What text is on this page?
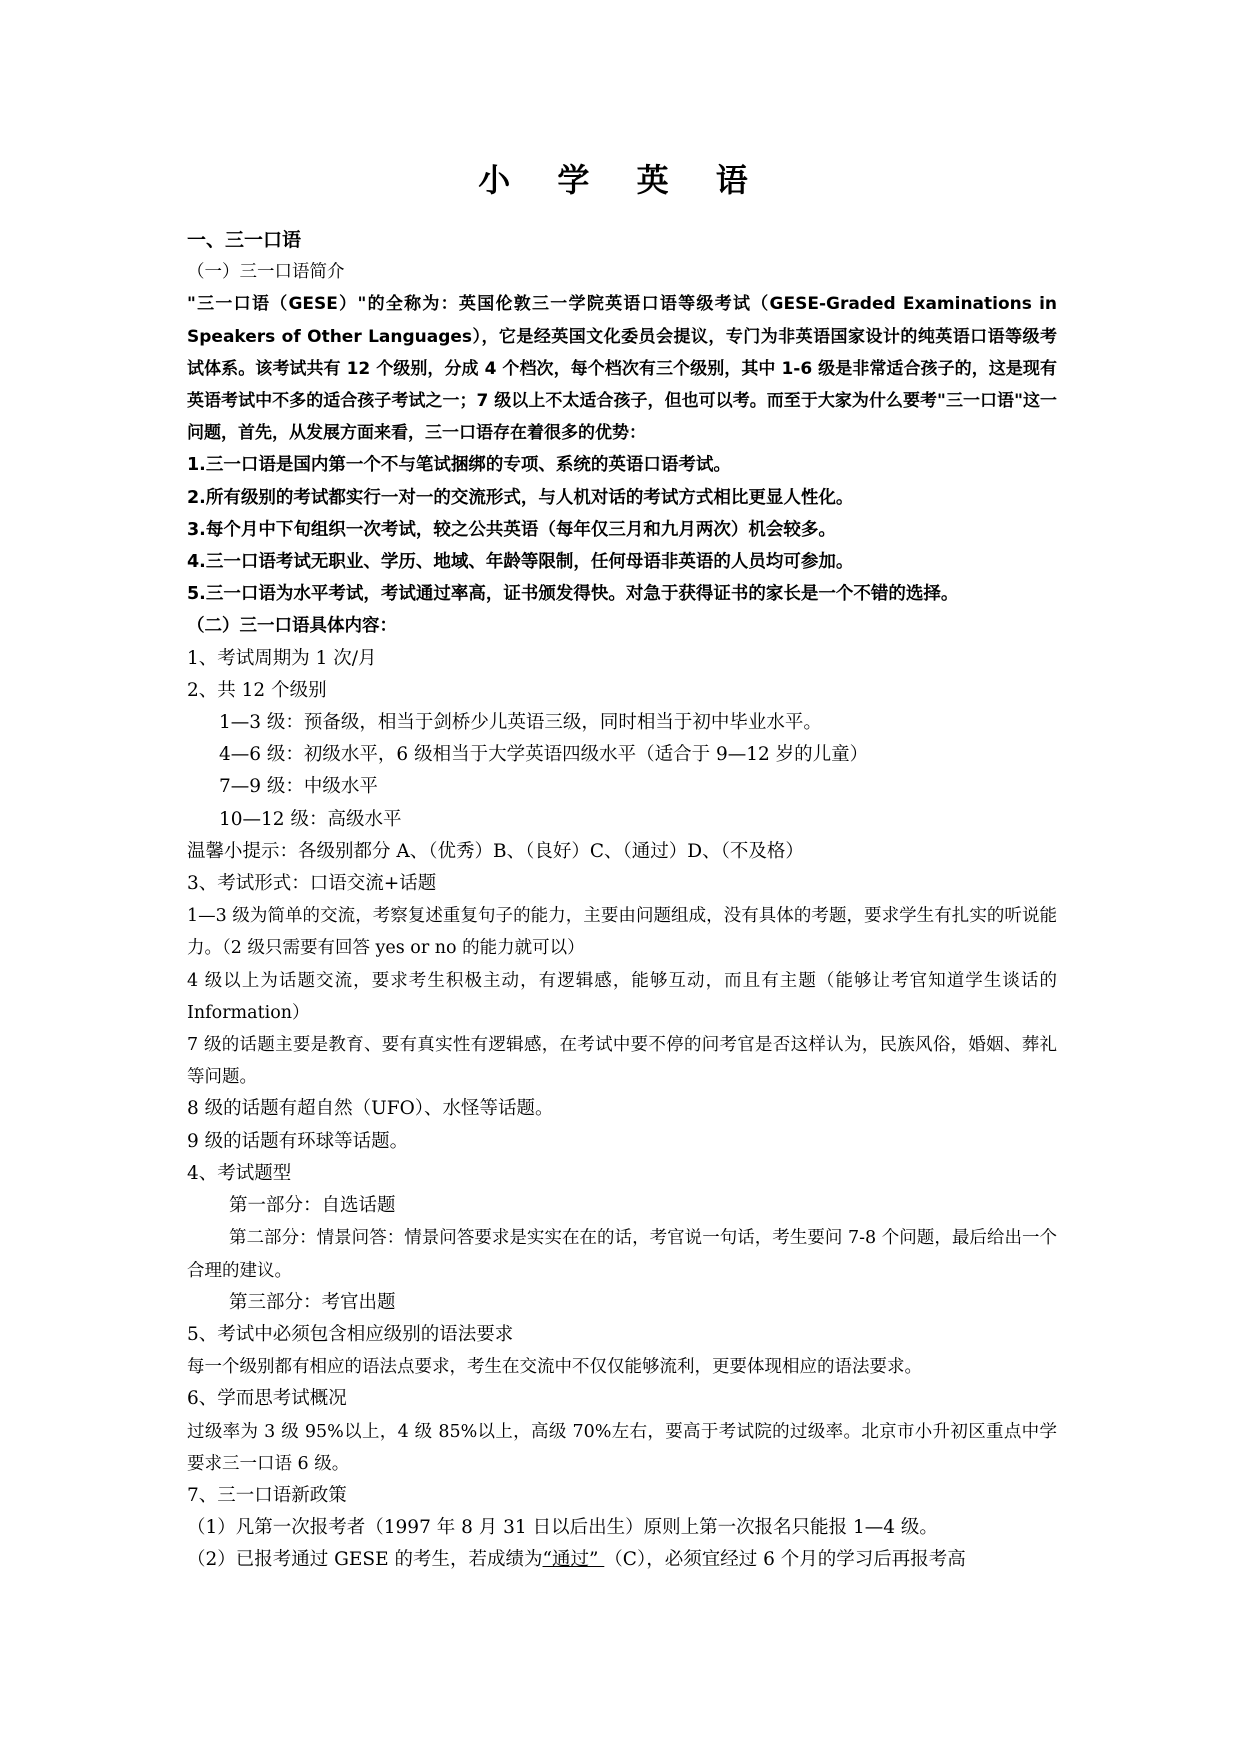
小 学 英 语
一、三一口语
（一）三一口语简介
"三一口语（GESE）"的全称为：英国伦敦三一学院英语口语等级考试（GESE-Graded Examinations in Speakers of Other Languages），它是经英国文化委员会提议，专门为非英语国家设计的纯英语口语等级考试体系。该考试共有 12 个级别，分成 4 个档次，每个档次有三个级别，其中 1-6 级是非常适合孩子的，这是现有英语考试中不多的适合孩子考试之一；7 级以上不太适合孩子，但也可以考。而至于大家为什么要考"三一口语"这一问题，首先，从发展方面来看，三一口语存在着很多的优势：
1.三一口语是国内第一个不与笔试捆绑的专项、系统的英语口语考试。
2.所有级别的考试都实行一对一的交流形式，与人机对话的考试方式相比更显人性化。
3.每个月中下旬组织一次考试，较之公共英语（每年仅三月和九月两次）机会较多。
4.三一口语考试无职业、学历、地域、年龄等限制，任何母语非英语的人员均可参加。
5.三一口语为水平考试，考试通过率高，证书颁发得快。对急于获得证书的家长是一个不错的选择。
（二）三一口语具体内容：
1、考试周期为 1 次/月
2、共 12 个级别
1—3 级：预备级，相当于剑桥少儿英语三级，同时相当于初中毕业水平。
4—6 级：初级水平，6 级相当于大学英语四级水平（适合于 9—12 岁的儿童）
7—9 级：中级水平
10—12 级：高级水平
温馨小提示：各级别都分 A、（优秀）B、（良好）C、（通过）D、（不及格）
3、考试形式：口语交流+话题
1—3 级为简单的交流，考察复述重复句子的能力，主要由问题组成，没有具体的考题，要求学生有扎实的听说能力。（2 级只需要有回答 yes or no 的能力就可以）
4 级以上为话题交流，要求考生积极主动，有逻辑感，能够互动，而且有主题（能够让考官知道学生谈话的 Information）
7 级的话题主要是教育、要有真实性有逻辑感，在考试中要不停的问考官是否这样认为，民族风俗，婚姻、葬礼等问题。
8 级的话题有超自然（UFO）、水怪等话题。
9 级的话题有环球等话题。
4、考试题型
第一部分：自选话题
第二部分：情景问答：情景问答要求是实实在在的话，考官说一句话，考生要问 7-8 个问题，最后给出一个合理的建议。
第三部分：考官出题
5、考试中必须包含相应级别的语法要求
每一个级别都有相应的语法点要求，考生在交流中不仅仅能够流利，更要体现相应的语法要求。
6、学而思考试概况
过级率为 3 级 95%以上，4 级 85%以上，高级 70%左右，要高于考试院的过级率。北京市小升初区重点中学要求三一口语 6 级。
7、三一口语新政策
（1）凡第一次报考者（1997 年 8 月 31 日以后出生）原则上第一次报名只能报 1—4 级。
（2）已报考通过 GESE 的考生，若成绩为“通过” （C），必须宜经过 6 个月的学习后再报考高
